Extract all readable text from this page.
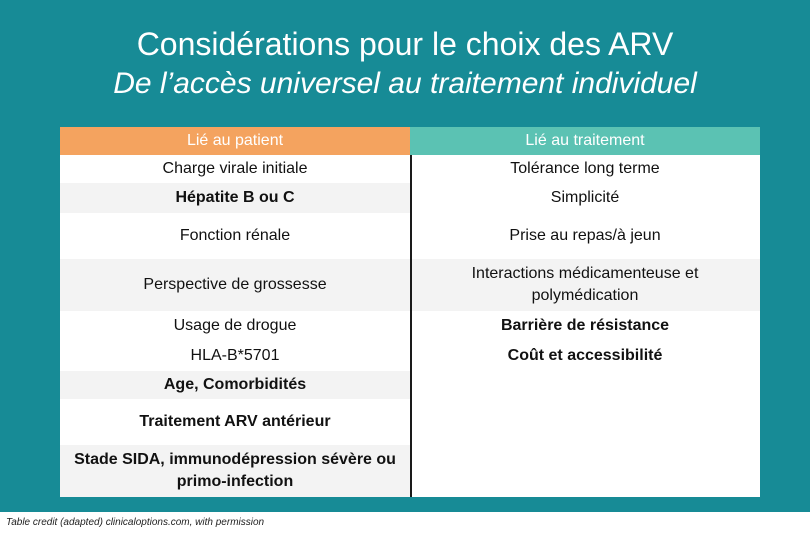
Considérations pour le choix des ARV
De l’accès universel au traitement individuel
Lié au patient	Lié au traitement
Charge virale initiale
Hépatite B ou C
Fonction rénale
Perspective de grossesse
Usage de drogue
HLA-B*5701
Age, Comorbidités
Traitement ARV antérieur
Stade SIDA, immunodépression sévère ou primo-infection
Tolérance long terme
Simplicité
Prise au repas/à jeun
Interactions médicamenteuse et polymédication
Barrière de résistance
Coût et accessibilité
Table credit (adapted) clinicaloptions.com, with permission
